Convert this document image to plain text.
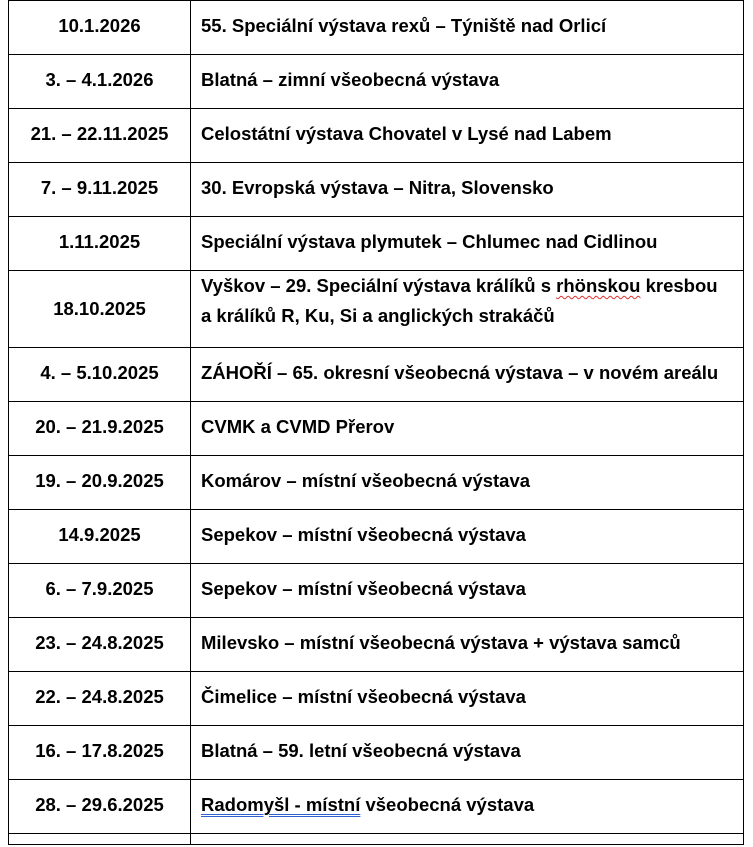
10.1.2026	55. Speciální výstava rexů – Týniště nad Orlicí
3. – 4.1.2026	Blatná – zimní všeobecná výstava
21. – 22.11.2025	Celostátní výstava Chovatel v Lysé nad Labem
7. – 9.11.2025	30. Evropská výstava – Nitra, Slovensko
1.11.2025	Speciální výstava plymutek – Chlumec nad Cidlinou
18.10.2025	Vyškov – 29. Speciální výstava králíků s rhönskou kresbou
a králíků R, Ku, Si a anglických strakáčů

4. – 5.10.2025	ZÁHOŘÍ – 65. okresní všeobecná výstava – v novém areálu
20. – 21.9.2025	CVMK a CVMD Přerov
19. – 20.9.2025	Komárov – místní všeobecná výstava
14.9.2025	Sepekov – místní všeobecná výstava
6. – 7.9.2025	Sepekov – místní všeobecná výstava
23. – 24.8.2025	Milevsko – místní všeobecná výstava + výstava samců
22. – 24.8.2025	Čimelice – místní všeobecná výstava
16. – 17.8.2025	Blatná – 59. letní všeobecná výstava
28. – 29.6.2025	Radomyšl - místní všeobecná výstava
